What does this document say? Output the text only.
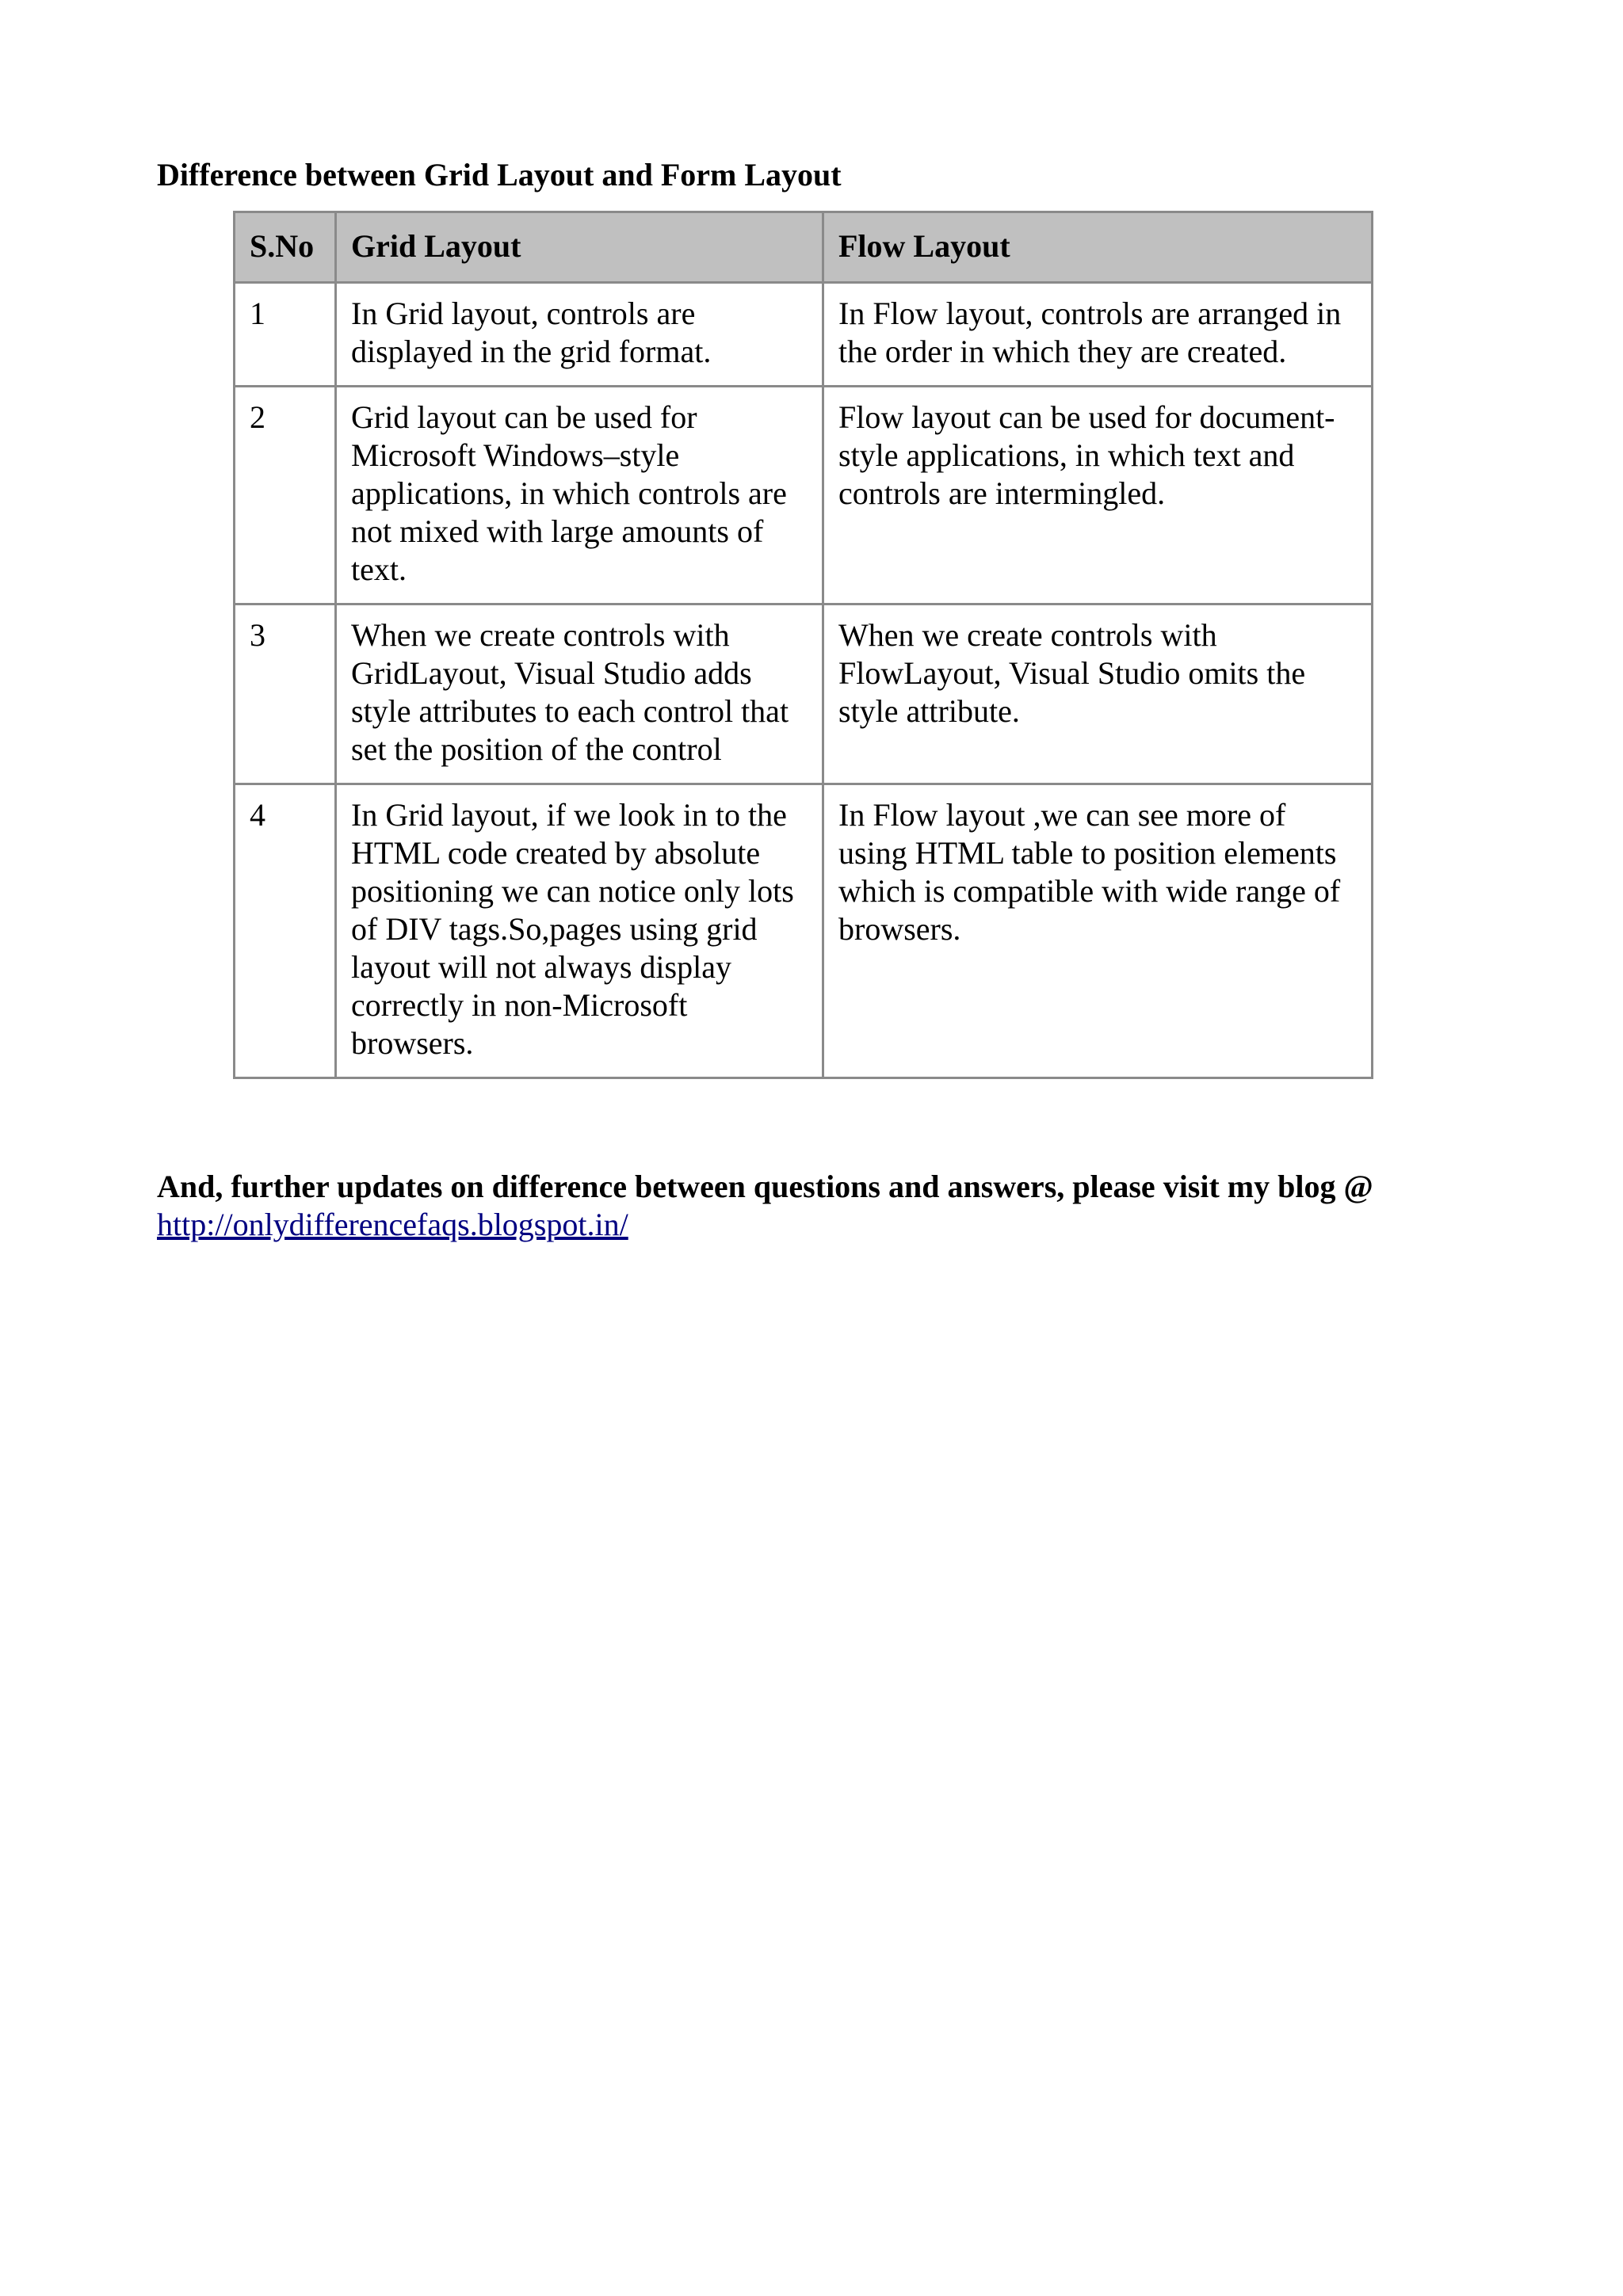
Difference between Grid Layout and Form Layout
S.No	Grid Layout	Flow Layout
1	In Grid layout, controls are displayed in the grid format.	In Flow layout, controls are arranged in the order in which they are created.
2	Grid layout can be used for Microsoft Windows–style applications, in which controls are not mixed with large amounts of text.	Flow layout can be used for document-style applications, in which text and controls are intermingled.
3	When we create controls with GridLayout, Visual Studio adds style attributes to each control that set the position of the control	When we create controls with FlowLayout, Visual Studio omits the style attribute.
4	In Grid layout, if we look in to the HTML code created by absolute positioning we can notice only lots of DIV tags.So,pages using grid layout will not always display correctly in non-Microsoft browsers.	In Flow layout ,we can see more of using HTML table to position elements which is compatible with wide range of browsers.

And, further updates on difference between questions and answers, please visit my blog @

http://onlydifferencefaqs.blogspot.in/
